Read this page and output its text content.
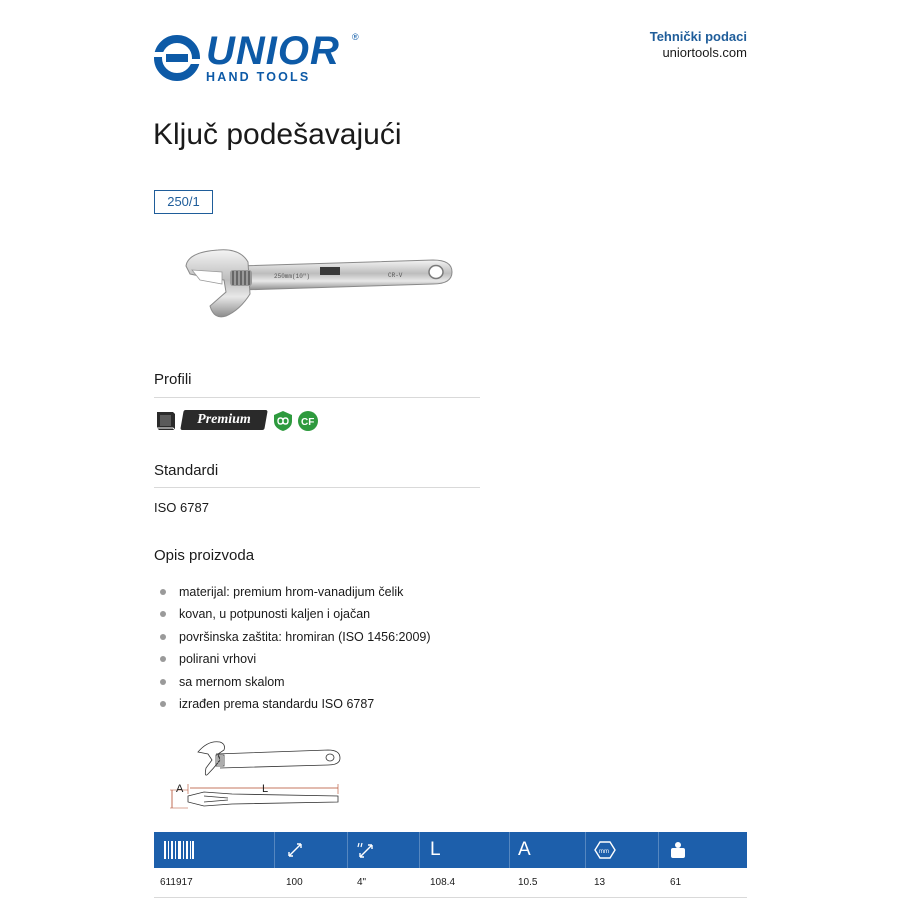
UNIOR ®
HAND TOOLS
Tehnički podaci
uniortools.com
Ključ podešavajući
250/1
250mm(10")	CR-V
Profili
Premium	CF
Standardi
ISO 6787
Opis proizvoda
materijal: premium hrom-vanadijum čelik
kovan, u potpunosti kaljen i ojačan
površinska zaštita: hromiran (ISO 1456:2009)
polirani vrhovi
sa mernom skalom
izrađen prema standardu ISO 6787
A	L
L	A	mm
611917	100	4"	108.4	10.5	13	61
